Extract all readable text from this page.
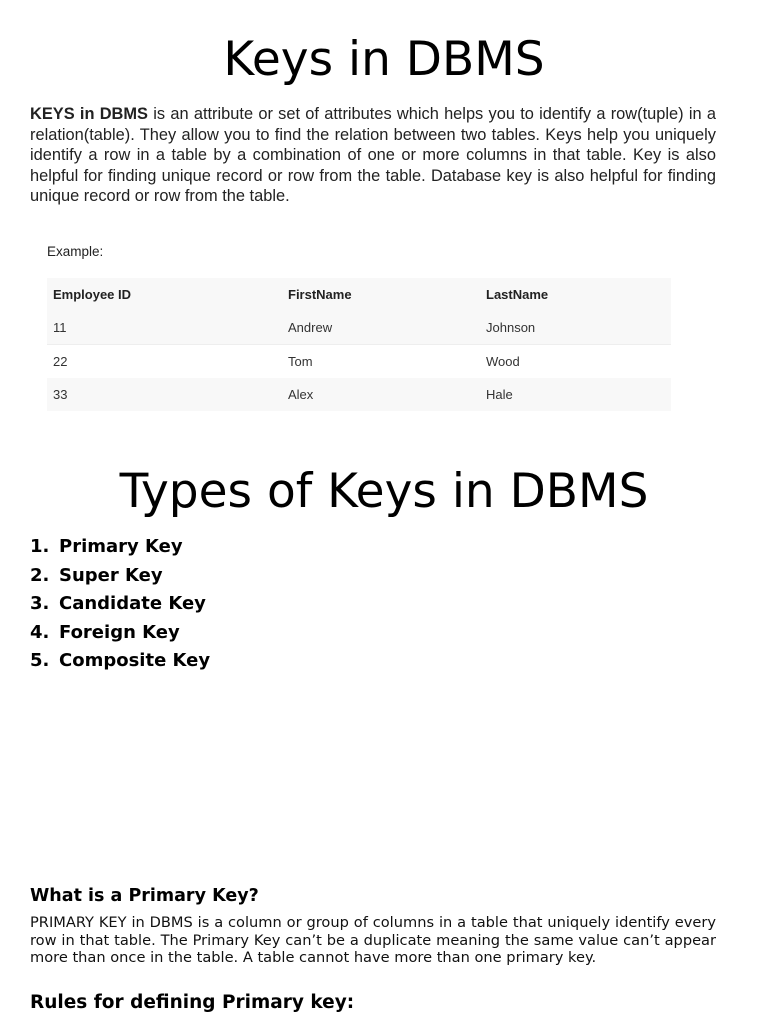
Keys in DBMS

KEYS in DBMS is an attribute or set of attributes which helps you to identify a row(tuple) in a relation(table). They allow you to find the relation between two tables. Keys help you uniquely identify a row in a table by a combination of one or more columns in that table. Key is also helpful for finding unique record or row from the table. Database key is also helpful for finding unique record or row from the table.

Example:
Employee ID	FirstName	LastName
11	Andrew	Johnson
22	Tom	Wood
33	Alex	Hale
Types of Keys in DBMS
1. Primary Key
2. Super Key
3. Candidate Key
4. Foreign Key
5. Composite Key
What is a Primary Key?

PRIMARY KEY in DBMS is a column or group of columns in a table that uniquely identify every row in that table. The Primary Key can’t be a duplicate meaning the same value can’t appear more than once in the table. A table cannot have more than one primary key.

Rules for defining Primary key:
